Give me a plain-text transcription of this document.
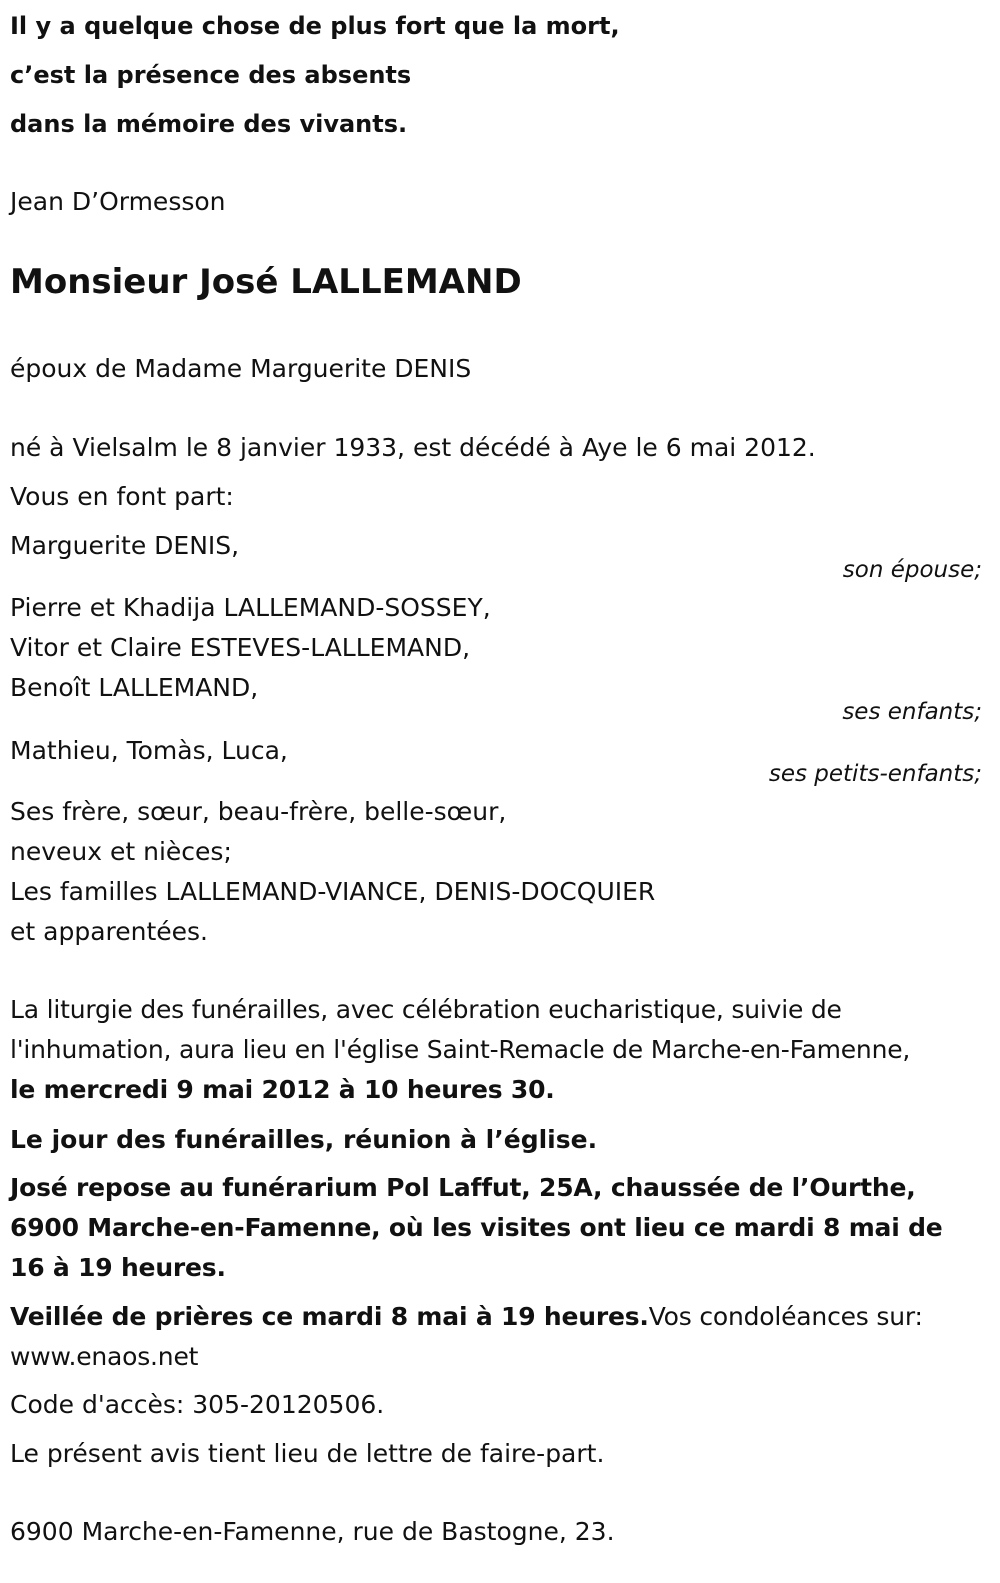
Il y a quelque chose de plus fort que la mort,
c’est la présence des absents
dans la mémoire des vivants.
Jean D’Ormesson
Monsieur José LALLEMAND
époux de Madame Marguerite DENIS
né à Vielsalm le 8 janvier 1933, est décédé à Aye le 6 mai 2012.
Vous en font part:
Marguerite DENIS,
son épouse;
Pierre et Khadija LALLEMAND-SOSSEY,
Vitor et Claire ESTEVES-LALLEMAND,
Benoît LALLEMAND,
ses enfants;
Mathieu, Tomàs, Luca,
ses petits-enfants;
Ses frère, sœur, beau-frère, belle-sœur,
neveux et nièces;
Les familles LALLEMAND-VIANCE, DENIS-DOCQUIER
et apparentées.
La liturgie des funérailles, avec célébration eucharistique, suivie de l'inhumation, aura lieu en l'église Saint-Remacle de Marche-en-Famenne,
le mercredi 9 mai 2012 à 10 heures 30.
Le jour des funérailles, réunion à l’église.
José repose au funérarium Pol Laffut, 25A, chaussée de l’Ourthe, 6900 Marche-en-Famenne, où les visites ont lieu ce mardi 8 mai de 16 à 19 heures.
Veillée de prières ce mardi 8 mai à 19 heures.Vos condoléances sur: www.enaos.net
Code d'accès: 305-20120506.
Le présent avis tient lieu de lettre de faire-part.
6900 Marche-en-Famenne, rue de Bastogne, 23.
